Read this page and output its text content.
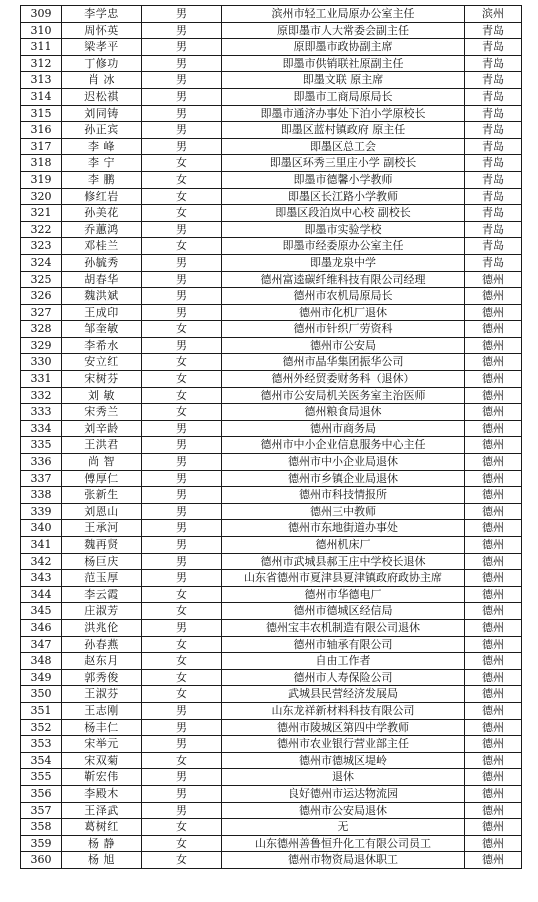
309	李学忠	男	滨州市轻工业局原办公室主任	滨州
310	周怀英	男	原即墨市人大常委会副主任	青岛
311	梁孝平	男	原即墨市政协副主席	青岛
312	丁修功	男	即墨市供销联社原副主任	青岛
313	肖 冰	男	即墨文联 原主席	青岛
314	迟松祺	男	即墨市工商局原局长	青岛
315	刘同铸	男	即墨市通济办事处下泊小学原校长	青岛
316	孙正宾	男	即墨区蓝村镇政府 原主任	青岛
317	李 峰	男	即墨区总工会	青岛
318	李 宁	女	即墨区环秀三里庄小学 副校长	青岛
319	李 鹏	女	即墨市德馨小学教师	青岛
320	修红岩	女	即墨区长江路小学教师	青岛
321	孙美花	女	即墨区段泊岚中心校 副校长	青岛
322	乔蕙鸿	男	即墨市实验学校	青岛
323	邓桂兰	女	即墨市经委原办公室主任	青岛
324	孙毓秀	男	即墨龙泉中学	青岛
325	胡春华	男	德州富逵碳纤维科技有限公司经理	德州
326	魏洪斌	男	德州市农机局原局长	德州
327	王成印	男	德州市化机厂退休	德州
328	邹奎敏	女	德州市针织厂劳资科	德州
329	李希水	男	德州市公安局	德州
330	安立红	女	德州市晶华集团振华公司	德州
331	宋树芬	女	德州外经贸委财务科（退休）	德州
332	刘 敏	女	德州市公安局机关医务室主治医师	德州
333	宋秀兰	女	德州粮食局退休	德州
334	刘辛龄	男	德州市商务局	德州
335	王洪君	男	德州市中小企业信息服务中心主任	德州
336	尚 智	男	德州市中小企业局退休	德州
337	傅厚仁	男	德州市乡镇企业局退休	德州
338	张新生	男	德州市科技情报所	德州
339	刘恩山	男	德州三中教师	德州
340	王承河	男	德州市东地街道办事处	德州
341	魏再贤	男	德州机床厂	德州
342	杨巨庆	男	德州市武城县郝王庄中学校长退休	德州
343	范玉厚	男	山东省德州市夏津县夏津镇政府政协主席	德州
344	李云霞	女	德州市华德电厂	德州
345	庄淑芳	女	德州市德城区经信局	德州
346	洪兆伦	男	德州宝丰农机制造有限公司退休	德州
347	孙春燕	女	德州市轴承有限公司	德州
348	赵东月	女	自由工作者	德州
349	郭秀俊	女	德州市人寿保险公司	德州
350	王淑芬	女	武城县民营经济发展局	德州
351	王志刚	男	山东龙祥新材料科技有限公司	德州
352	杨丰仁	男	德州市陵城区第四中学教师	德州
353	宋举元	男	德州市农业银行营业部主任	德州
354	宋双菊	女	德州市德城区堤岭	德州
355	靳宏伟	男	退休	德州
356	李殿木	男	良好德州市运达物流园	德州
357	王泽武	男	德州市公安局退休	德州
358	葛树红	女	无	德州
359	杨 静	女	山东德州善鲁恒升化工有限公司员工	德州
360	杨 旭	女	德州市物资局退休职工	德州
